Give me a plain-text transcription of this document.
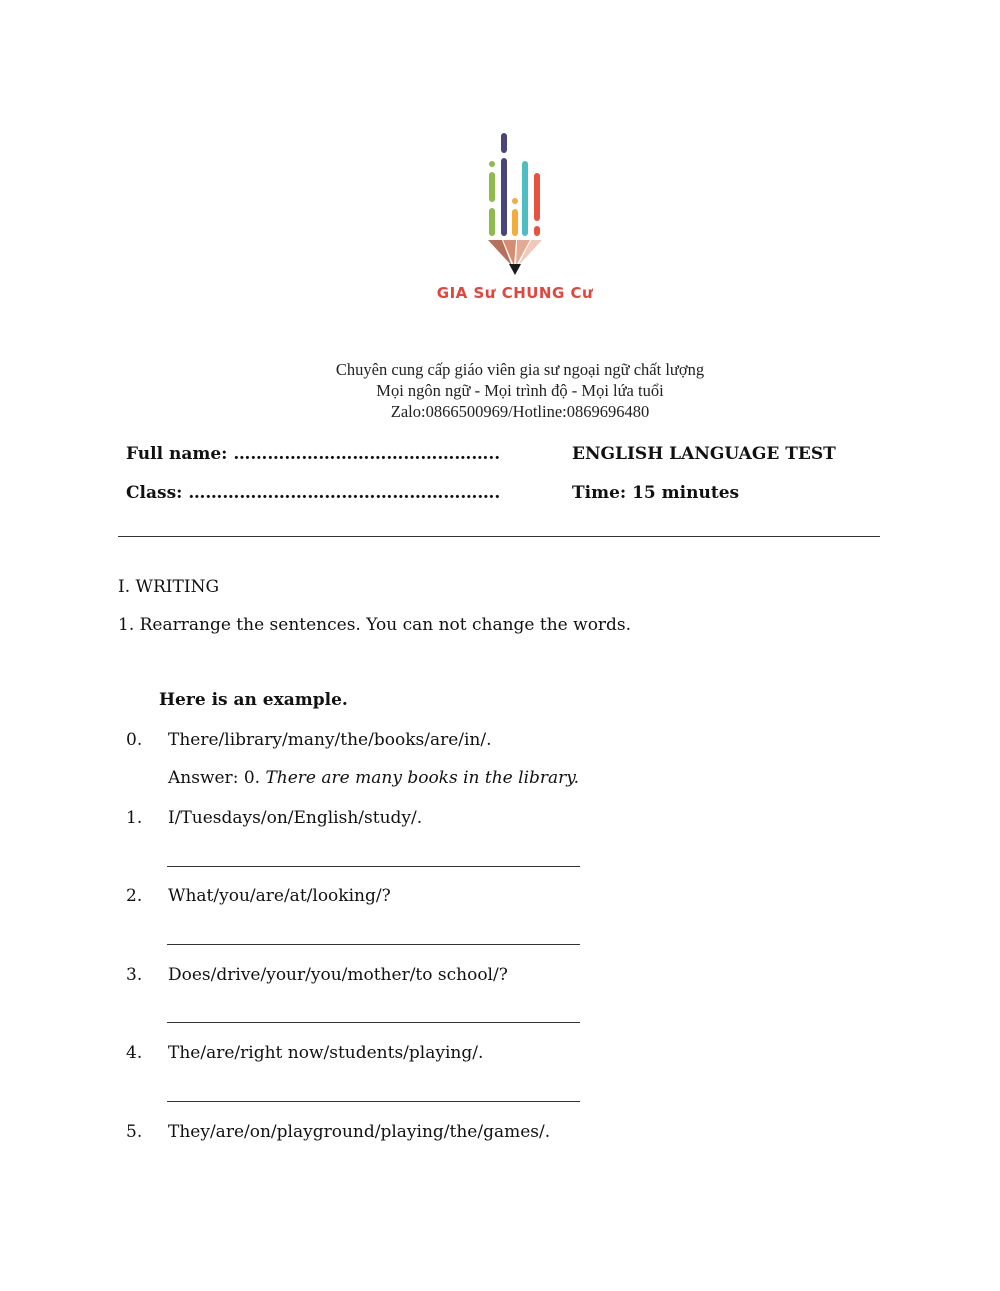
GIA Sư CHUNG Cư
Chuyên cung cấp giáo viên gia sư ngoại ngữ chất lượng
Mọi ngôn ngữ - Mọi trình độ - Mọi lứa tuổi
Zalo:0866500969/Hotline:0869696480
Full name: ………………………………………..
Class: ……………………………………………….
ENGLISH LANGUAGE TEST
Time: 15 minutes
I. WRITING
1. Rearrange the sentences. You can not change the words.
Here is an example.
0. There/library/many/the/books/are/in/.
Answer: 0. There are many books in the library.
1. I/Tuesdays/on/English/study/.
2. What/you/are/at/looking/?
3. Does/drive/your/you/mother/to school/?
4. The/are/right now/students/playing/.
5. They/are/on/playground/playing/the/games/.
